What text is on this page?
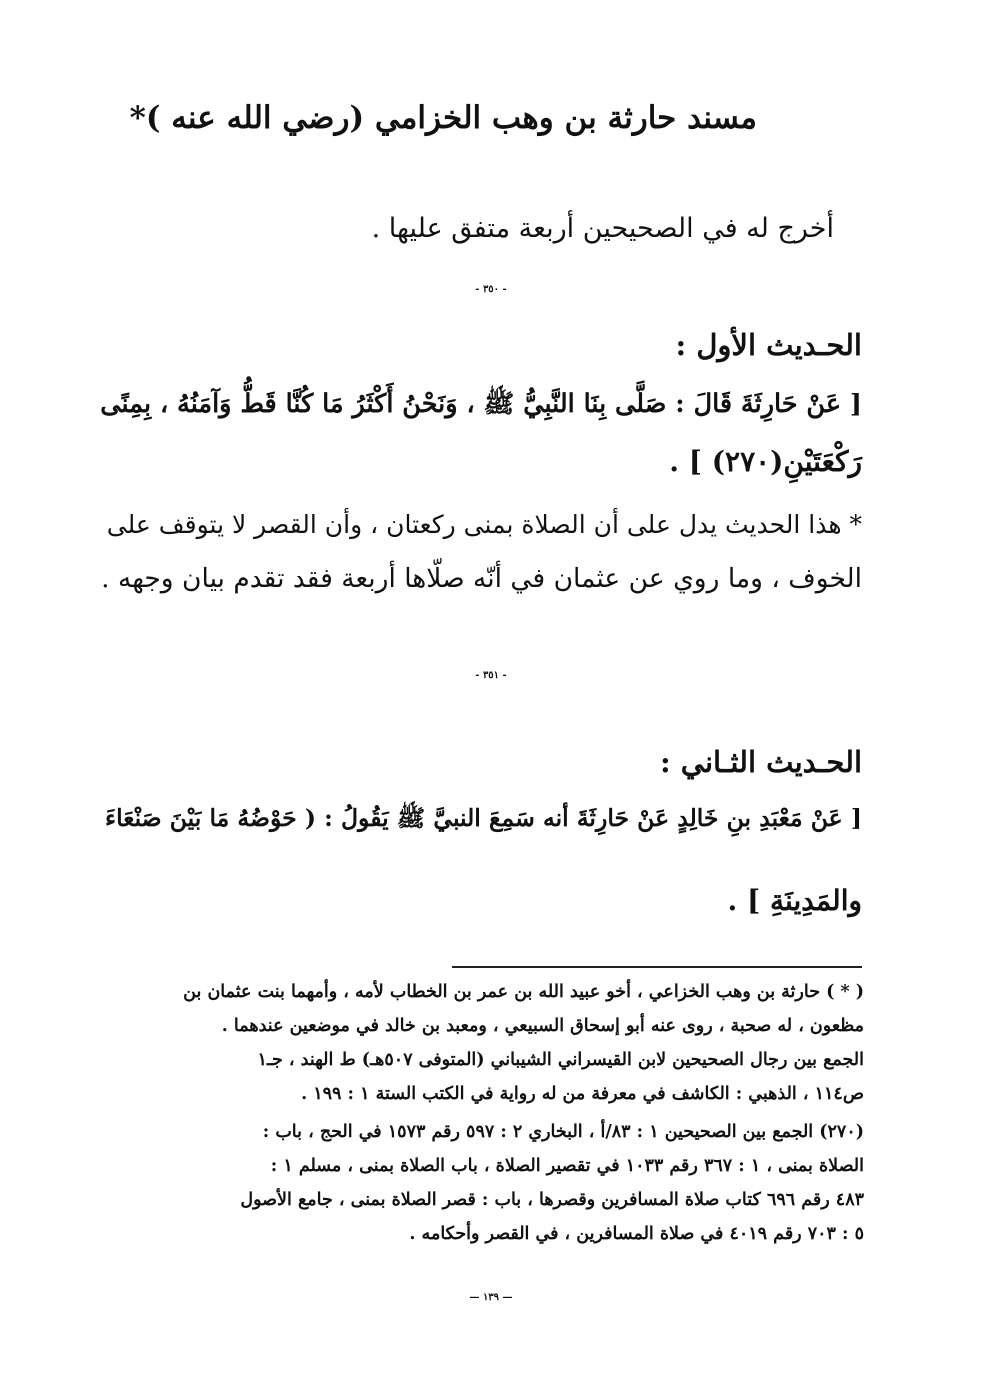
مسند حارثة بن وهب الخزامي (رضي الله عنه )*
أخرج له في الصحيحين أربعة متفق عليها .
- ٣٥٠ -
الحـديث الأول :
[ عَنْ حَارِثَةَ قَالَ : صَلَّى بِنَا النَّبِيُّ ﷺ ، وَنَحْنُ أَكْثَرُ مَا كُنَّا قَطُّ وَآمَنُهُ ، بِمِنًى
رَكْعَتَيْنِ(٢٧٠) ] .
* هذا الحديث يدل على أن الصلاة بمنى ركعتان ، وأن القصر لا يتوقف على
الخوف ، وما روي عن عثمان في أنّه صلّاها أربعة فقد تقدم بيان وجهه .
- ٣٥١ -
الحـديث الثـاني :
[ عَنْ مَعْبَدِ بنِ خَالِدٍ عَنْ حَارِثَةَ أنه سَمِعَ النبيَّ ﷺ يَقُولُ : ( حَوْضُهُ مَا بَيْنَ صَنْعَاءَ
والمَدِينَةِ ] .
( * ) حارثة بن وهب الخزاعي ، أخو عبيد الله بن عمر بن الخطاب لأمه ، وأمهما بنت عثمان بن
مظعون ، له صحبة ، روى عنه أبو إسحاق السبيعي ، ومعبد بن خالد في موضعين عندهما .
الجمع بين رجال الصحيحين لابن القيسراني الشيباني (المتوفى ٥٠٧هـ) ط الهند ، جـ١
ص١١٤ ، الذهبي : الكاشف في معرفة من له رواية في الكتب الستة ١ : ١٩٩ .
(٢٧٠) الجمع بين الصحيحين ١ : ٨٣/أ ، البخاري ٢ : ٥٩٧ رقم ١٥٧٣ في الحج ، باب :
الصلاة بمنى ، ١ : ٣٦٧ رقم ١٠٣٣ في تقصير الصلاة ، باب الصلاة بمنى ، مسلم ١ :
٤٨٣ رقم ٦٩٦ كتاب صلاة المسافرين وقصرها ، باب : قصر الصلاة بمنى ، جامع الأصول
٥ : ٧٠٣ رقم ٤٠١٩ في صلاة المسافرين ، في القصر وأحكامه .
— ١٣٩ —
